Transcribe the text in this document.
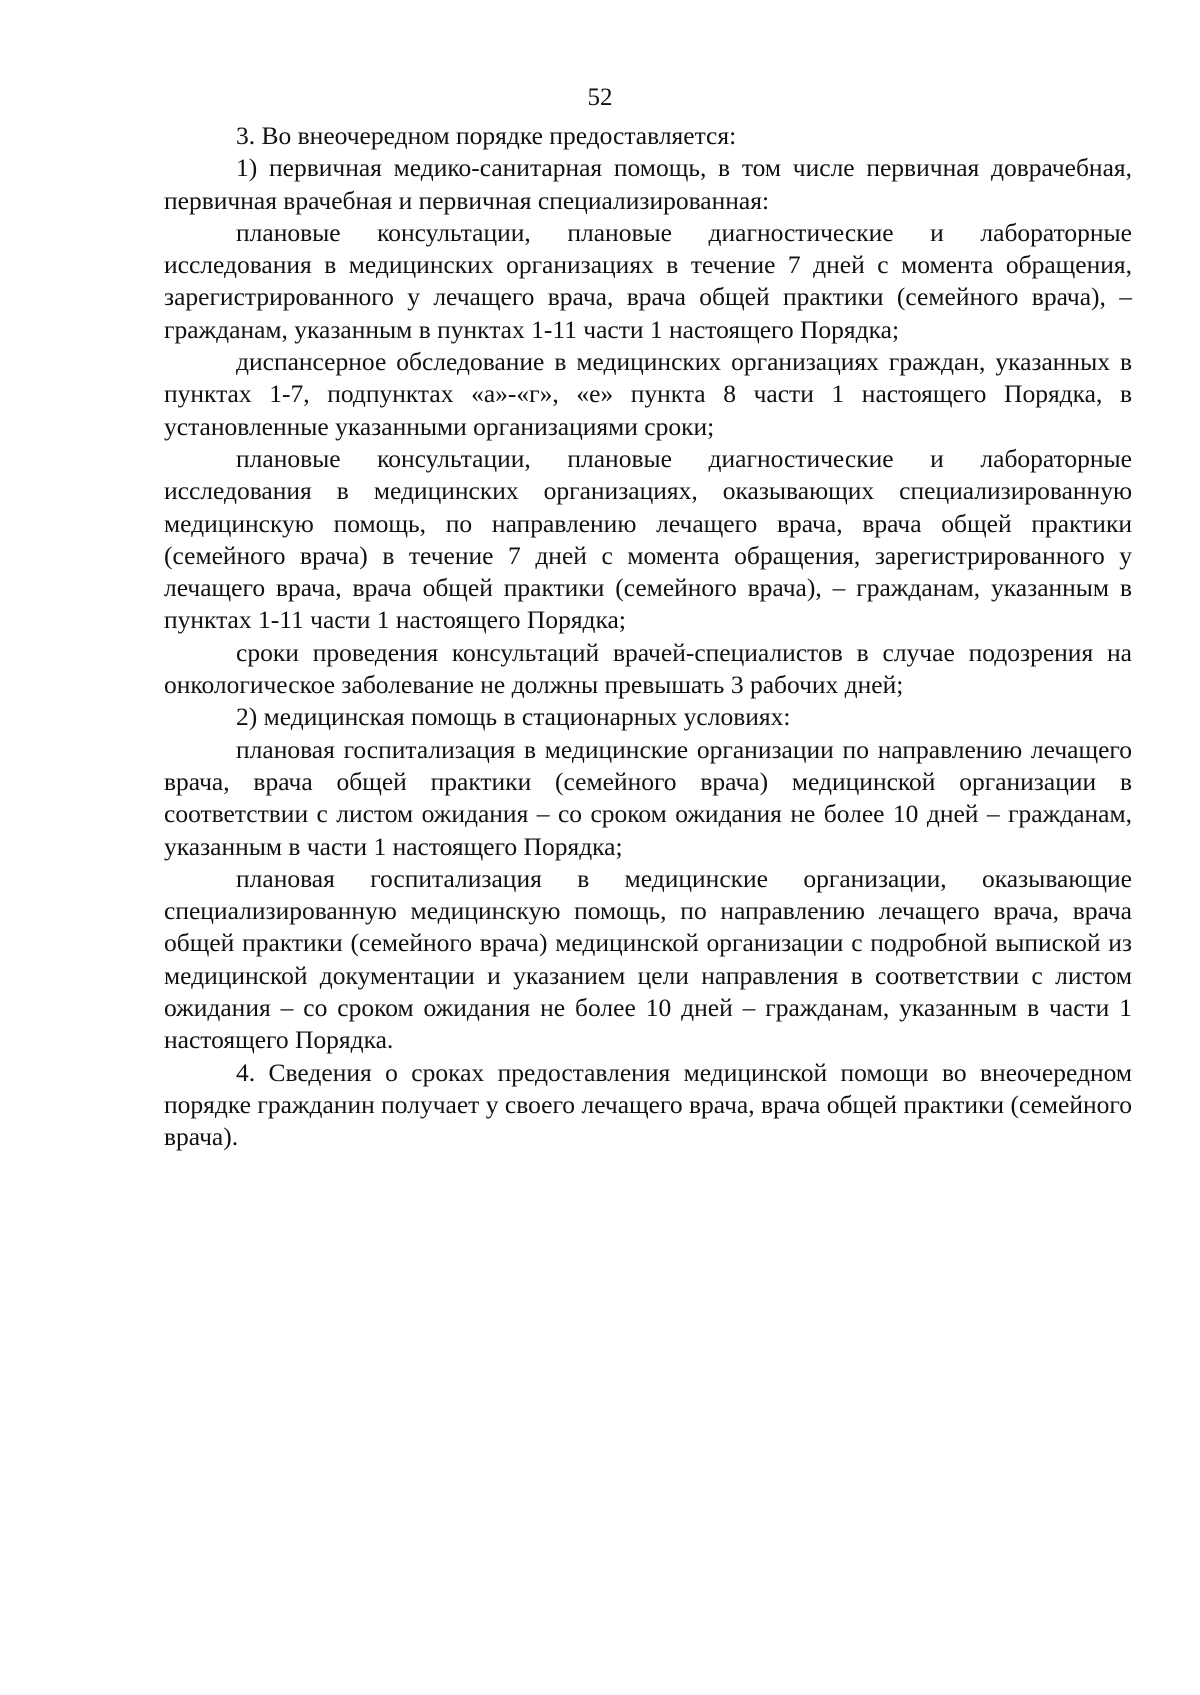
52

3. Во внеочередном порядке предоставляется:

1) первичная медико-санитарная помощь, в том числе первичная доврачебная, первичная врачебная и первичная специализированная:

плановые консультации, плановые диагностические и лабораторные исследования в медицинских организациях в течение 7 дней с момента обращения, зарегистрированного у лечащего врача, врача общей практики (семейного врача), – гражданам, указанным в пунктах 1-11 части 1 настоящего Порядка;

диспансерное обследование в медицинских организациях граждан, указанных в пунктах 1-7, подпунктах «а»-«г», «е» пункта 8 части 1 настоящего Порядка, в установленные указанными организациями сроки;

плановые консультации, плановые диагностические и лабораторные исследования в медицинских организациях, оказывающих специализированную медицинскую помощь, по направлению лечащего врача, врача общей практики (семейного врача) в течение 7 дней с момента обращения, зарегистрированного у лечащего врача, врача общей практики (семейного врача), – гражданам, указанным в пунктах 1-11 части 1 настоящего Порядка;

сроки проведения консультаций врачей-специалистов в случае подозрения на онкологическое заболевание не должны превышать 3 рабочих дней;

2) медицинская помощь в стационарных условиях:

плановая госпитализация в медицинские организации по направлению лечащего врача, врача общей практики (семейного врача) медицинской организации в соответствии с листом ожидания – со сроком ожидания не более 10 дней – гражданам, указанным в части 1 настоящего Порядка;

плановая госпитализация в медицинские организации, оказывающие специализированную медицинскую помощь, по направлению лечащего врача, врача общей практики (семейного врача) медицинской организации с подробной выпиской из медицинской документации и указанием цели направления в соответствии с листом ожидания – со сроком ожидания не более 10 дней – гражданам, указанным в части 1 настоящего Порядка.

4. Сведения о сроках предоставления медицинской помощи во внеочередном порядке гражданин получает у своего лечащего врача, врача общей практики (семейного врача).
